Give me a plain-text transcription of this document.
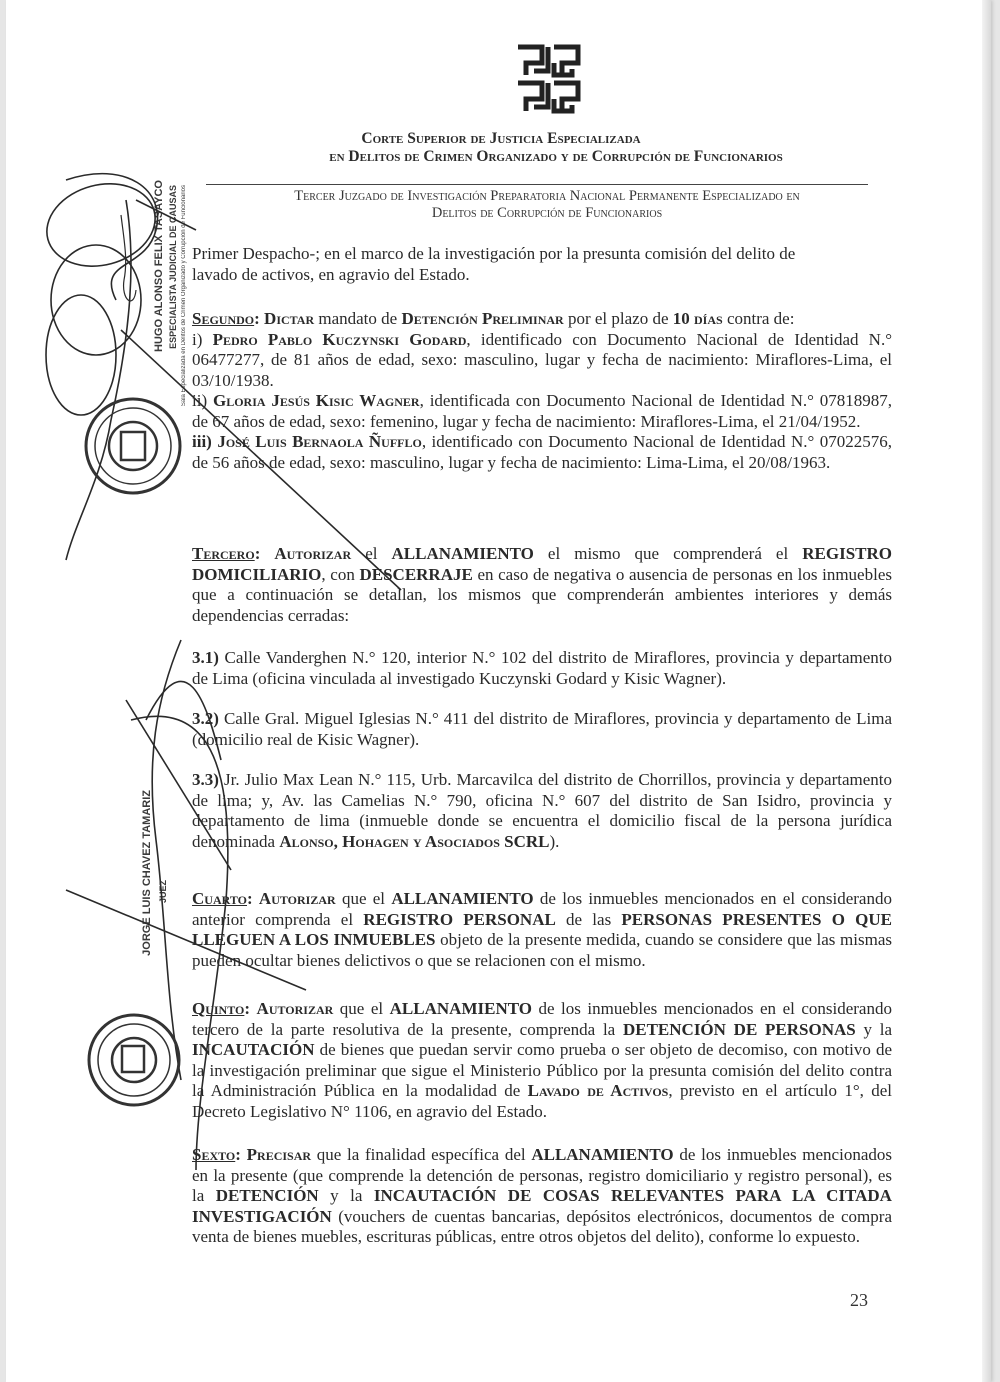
Corte Superior de Justicia Especializada
en Delitos de Crimen Organizado y de Corrupción de Funcionarios
Tercer Juzgado de Investigación Preparatoria Nacional Permanente Especializado en
Delitos de Corrupción de Funcionarios

Primer Despacho-; en el marco de la investigación por la presunta comisión del delito de
lavado de activos, en agravio del Estado.

Segundo: Dictar mandato de Detención Preliminar por el plazo de 10 días contra de:

i) Pedro Pablo Kuczynski Godard, identificado con Documento Nacional de Identidad N.° 06477277, de 81 años de edad, sexo: masculino, lugar y fecha de nacimiento: Miraflores-Lima, el 03/10/1938.

ii) Gloria Jesús Kisic Wagner, identificada con Documento Nacional de Identidad N.° 07818987, de 67 años de edad, sexo: femenino, lugar y fecha de nacimiento: Miraflores-Lima, el 21/04/1952.

iii) José Luis Bernaola Ñufflo, identificado con Documento Nacional de Identidad N.° 07022576, de 56 años de edad, sexo: masculino, lugar y fecha de nacimiento: Lima-Lima, el 20/08/1963.

Tercero: Autorizar el ALLANAMIENTO el mismo que comprenderá el REGISTRO DOMICILIARIO, con DESCERRAJE en caso de negativa o ausencia de personas en los inmuebles que a continuación se detallan, los mismos que comprenderán ambientes interiores y demás dependencias cerradas:

3.1) Calle Vanderghen N.° 120, interior N.° 102 del distrito de Miraflores, provincia y departamento de Lima (oficina vinculada al investigado Kuczynski Godard y Kisic Wagner).

3.2) Calle Gral. Miguel Iglesias N.° 411 del distrito de Miraflores, provincia y departamento de Lima (domicilio real de Kisic Wagner).

3.3) Jr. Julio Max Lean N.° 115, Urb. Marcavilca del distrito de Chorrillos, provincia y departamento de lima; y, Av. las Camelias N.° 790, oficina N.° 607 del distrito de San Isidro, provincia y departamento de lima (inmueble donde se encuentra el domicilio fiscal de la persona jurídica denominada Alonso, Hohagen y Asociados SCRL).

Cuarto: Autorizar que el ALLANAMIENTO de los inmuebles mencionados en el considerando anterior comprenda el REGISTRO PERSONAL de las PERSONAS PRESENTES O QUE LLEGUEN A LOS INMUEBLES objeto de la presente medida, cuando se considere que las mismas pueden ocultar bienes delictivos o que se relacionen con el mismo.

Quinto: Autorizar que el ALLANAMIENTO de los inmuebles mencionados en el considerando tercero de la parte resolutiva de la presente, comprenda la DETENCIÓN DE PERSONAS y la INCAUTACIÓN de bienes que puedan servir como prueba o ser objeto de decomiso, con motivo de la investigación preliminar que sigue el Ministerio Público por la presunta comisión del delito contra la Administración Pública en la modalidad de Lavado de Activos, previsto en el artículo 1°, del Decreto Legislativo N° 1106, en agravio del Estado.

Sexto: Precisar que la finalidad específica del ALLANAMIENTO de los inmuebles mencionados en la presente (que comprende la detención de personas, registro domiciliario y registro personal), es la DETENCIÓN y la INCAUTACIÓN DE COSAS RELEVANTES PARA LA CITADA INVESTIGACIÓN (vouchers de cuentas bancarias, depósitos electrónicos, documentos de compra venta de bienes muebles, escrituras públicas, entre otros objetos del delito), conforme lo expuesto.

23
HUGO ALONSO FELIX TASAYCO ESPECIALISTA JUDICIAL DE CAUSAS Sala Especializada en Delitos de Crimen Organizado y Corrupción de Funcionarios
JORGE LUIS CHAVEZ TAMARIZ JUEZ
